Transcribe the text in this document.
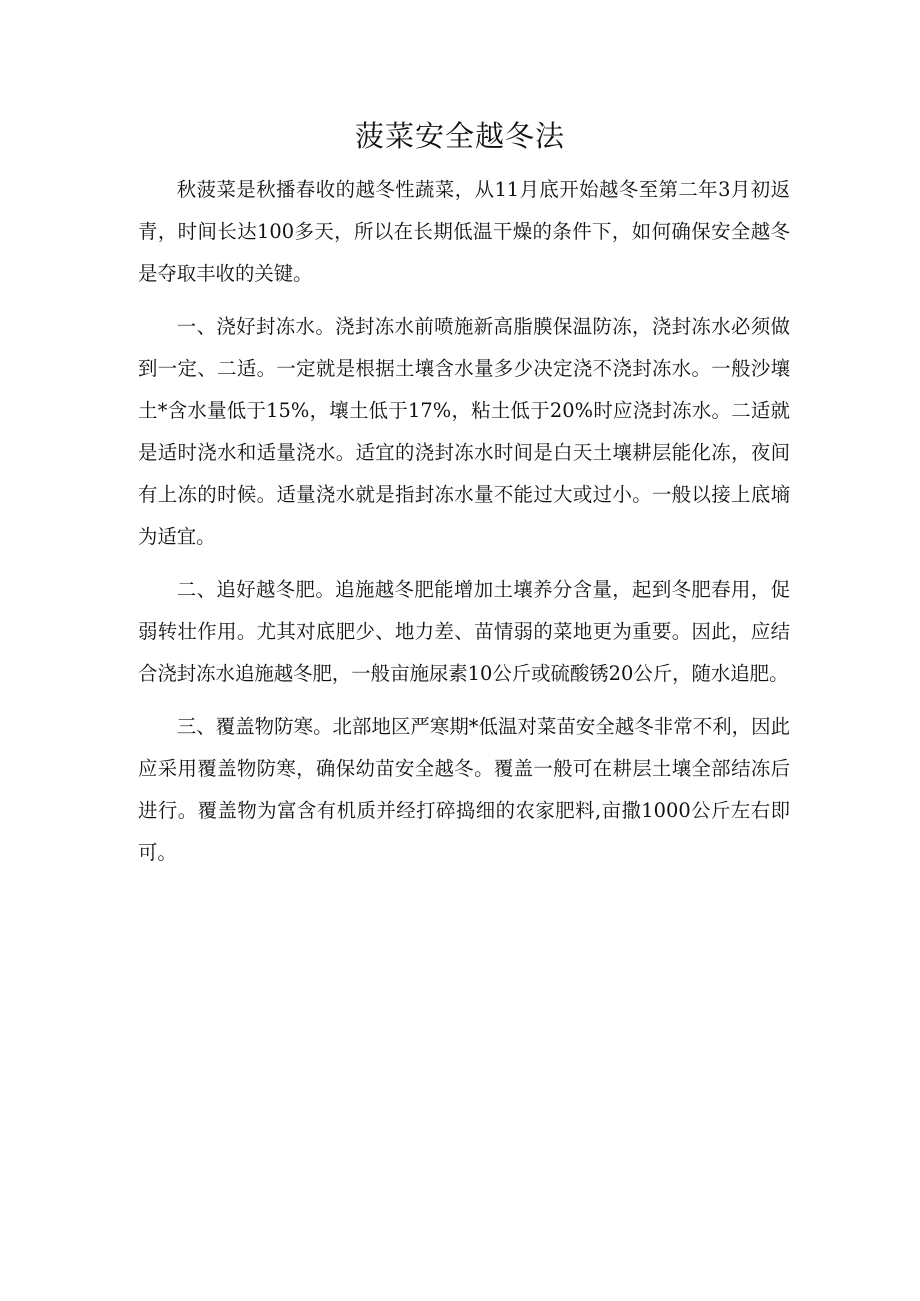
菠菜安全越冬法

秋菠菜是秋播春收的越冬性蔬菜，从11月底开始越冬至第二年3月初返青，时间长达100多天，所以在长期低温干燥的条件下，如何确保安全越冬是夺取丰收的关键。

一、浇好封冻水。浇封冻水前喷施新高脂膜保温防冻，浇封冻水必须做到一定、二适。一定就是根据土壤含水量多少决定浇不浇封冻水。一般沙壤土*含水量低于15%，壤土低于17%，粘土低于20%时应浇封冻水。二适就是适时浇水和适量浇水。适宜的浇封冻水时间是白天土壤耕层能化冻，夜间有上冻的时候。适量浇水就是指封冻水量不能过大或过小。一般以接上底墒为适宜。

二、追好越冬肥。追施越冬肥能增加土壤养分含量，起到冬肥春用，促弱转壮作用。尤其对底肥少、地力差、苗情弱的菜地更为重要。因此，应结合浇封冻水追施越冬肥，一般亩施尿素10公斤或硫酸锈20公斤，随水追肥。

三、覆盖物防寒。北部地区严寒期*低温对菜苗安全越冬非常不利，因此应采用覆盖物防寒，确保幼苗安全越冬。覆盖一般可在耕层土壤全部结冻后进行。覆盖物为富含有机质并经打碎捣细的农家肥料,亩撒1000公斤左右即可。
